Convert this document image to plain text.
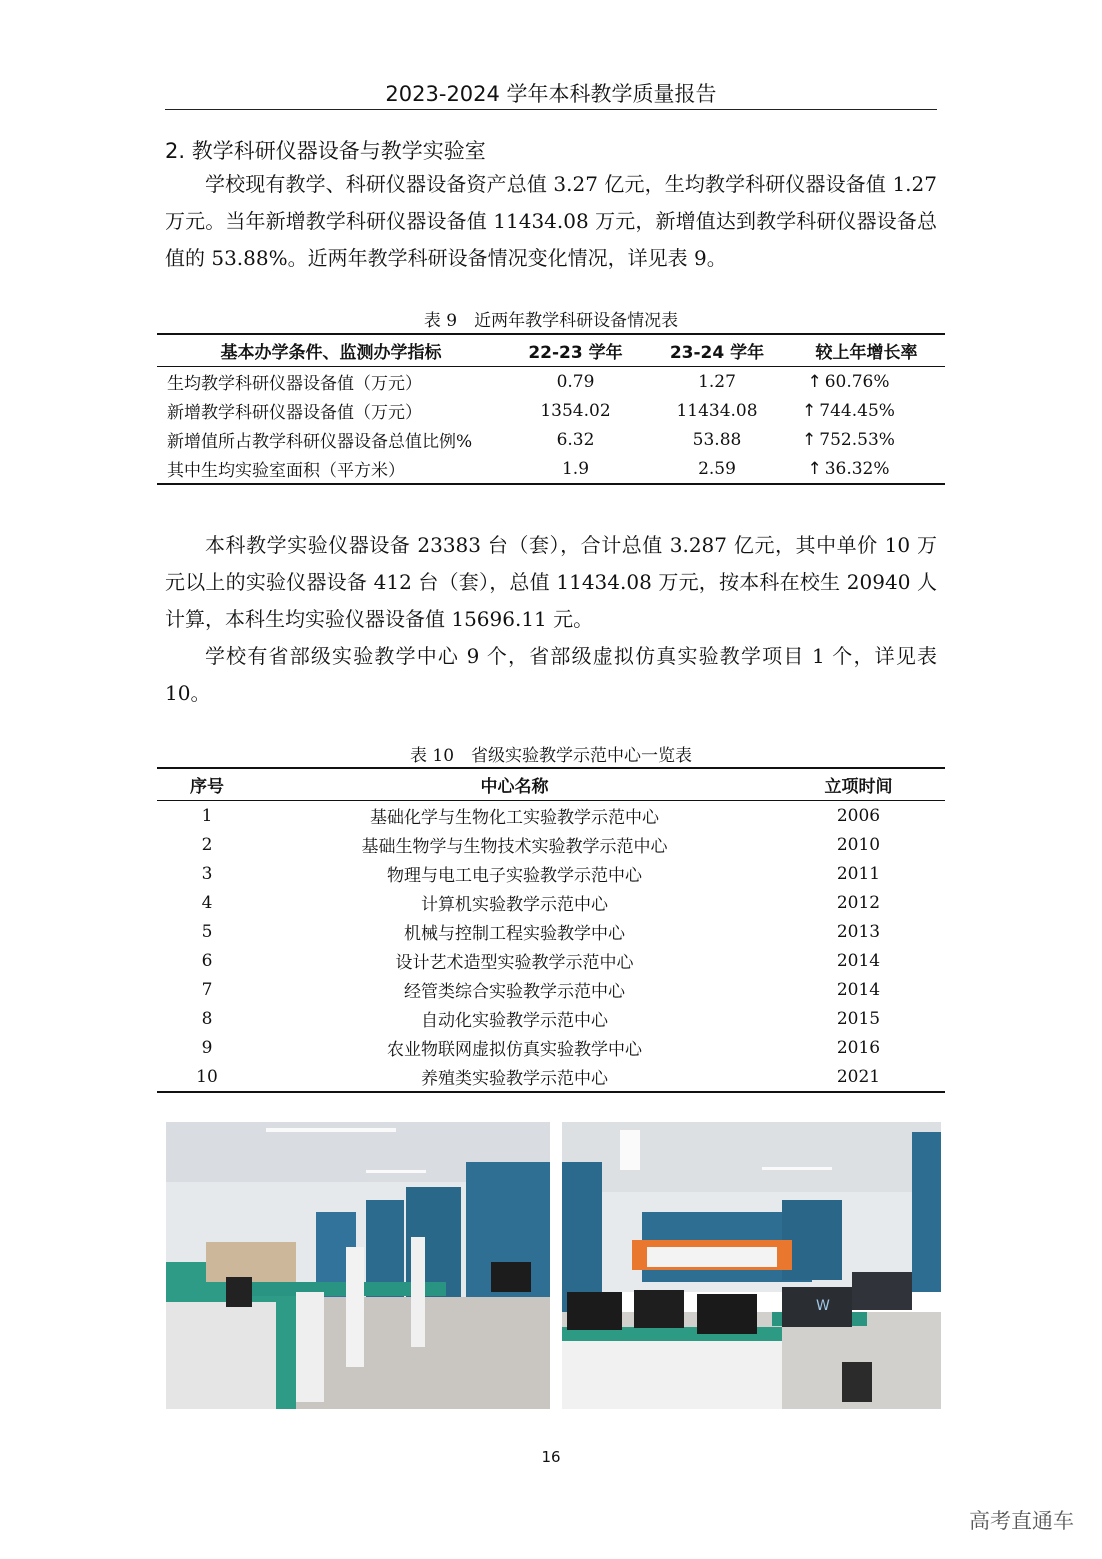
2023-2024 学年本科教学质量报告
2. 教学科研仪器设备与教学实验室

学校现有教学、科研仪器设备资产总值 3.27 亿元，生均教学科研仪器设备值 1.27 万元。当年新增教学科研仪器设备值 11434.08 万元，新增值达到教学科研仪器设备总值的 53.88%。近两年教学科研设备情况变化情况，详见表 9。

表 9　近两年教学科研设备情况表
基本办学条件、监测办学指标	22-23 学年	23-24 学年	较上年增长率
生均教学科研仪器设备值（万元）	0.79	1.27	↑ 60.76%
新增教学科研仪器设备值（万元）	1354.02	11434.08	↑ 744.45%
新增值所占教学科研仪器设备总值比例%	6.32	53.88	↑ 752.53%
其中生均实验室面积（平方米）	1.9	2.59	↑ 36.32%

本科教学实验仪器设备 23383 台（套），合计总值 3.287 亿元，其中单价 10 万元以上的实验仪器设备 412 台（套），总值 11434.08 万元，按本科在校生 20940 人计算，本科生均实验仪器设备值 15696.11 元。

学校有省部级实验教学中心 9 个，省部级虚拟仿真实验教学项目 1 个，详见表 10。

表 10　省级实验教学示范中心一览表
序号	中心名称	立项时间
1	基础化学与生物化工实验教学示范中心	2006
2	基础生物学与生物技术实验教学示范中心	2010
3	物理与电工电子实验教学示范中心	2011
4	计算机实验教学示范中心	2012
5	机械与控制工程实验教学中心	2013
6	设计艺术造型实验教学示范中心	2014
7	经管类综合实验教学示范中心	2014
8	自动化实验教学示范中心	2015
9	农业物联网虚拟仿真实验教学中心	2016
10	养殖类实验教学示范中心	2021
W
16
高考直通车
